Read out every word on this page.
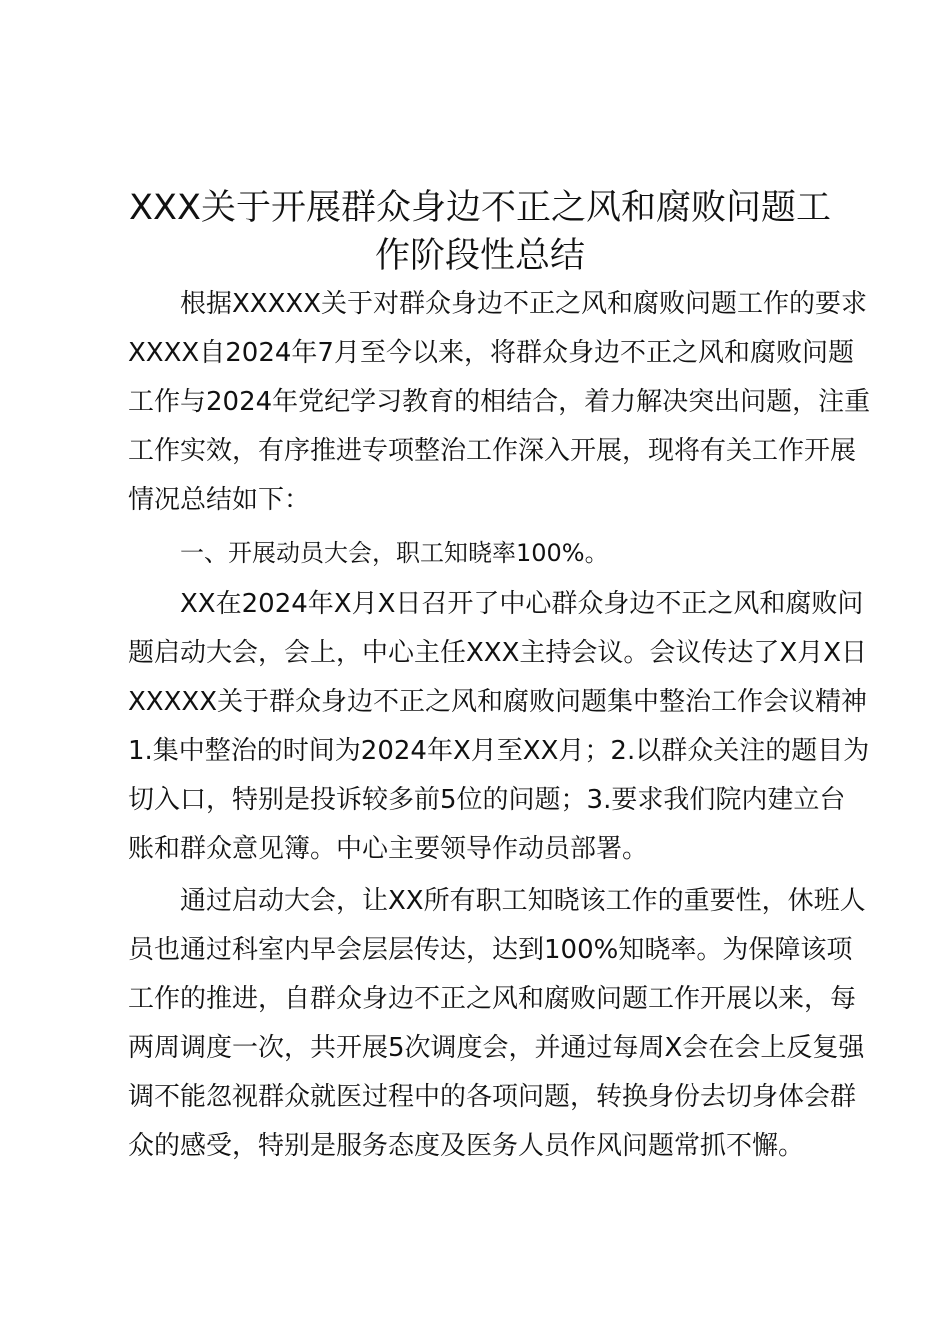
XXX关于开展群众身边不正之风和腐败问题工
作阶段性总结
根据XXXXX关于对群众身边不正之风和腐败问题工作的要求
XXXX自2024年7月至今以来，将群众身边不正之风和腐败问题
工作与2024年党纪学习教育的相结合，着力解决突出问题，注重
工作实效，有序推进专项整治工作深入开展，现将有关工作开展
情况总结如下：
一、开展动员大会，职工知晓率100%。
XX在2024年X月X日召开了中心群众身边不正之风和腐败问
题启动大会，会上，中心主任XXX主持会议。会议传达了X月X日
XXXXX关于群众身边不正之风和腐败问题集中整治工作会议精神
1.集中整治的时间为2024年X月至XX月；2.以群众关注的题目为
切入口，特别是投诉较多前5位的问题；3.要求我们院内建立台
账和群众意见簿。中心主要领导作动员部署。
通过启动大会，让XX所有职工知晓该工作的重要性，休班人
员也通过科室内早会层层传达，达到100%知晓率。为保障该项
工作的推进，自群众身边不正之风和腐败问题工作开展以来，每
两周调度一次，共开展5次调度会，并通过每周X会在会上反复强
调不能忽视群众就医过程中的各项问题，转换身份去切身体会群
众的感受，特别是服务态度及医务人员作风问题常抓不懈。
